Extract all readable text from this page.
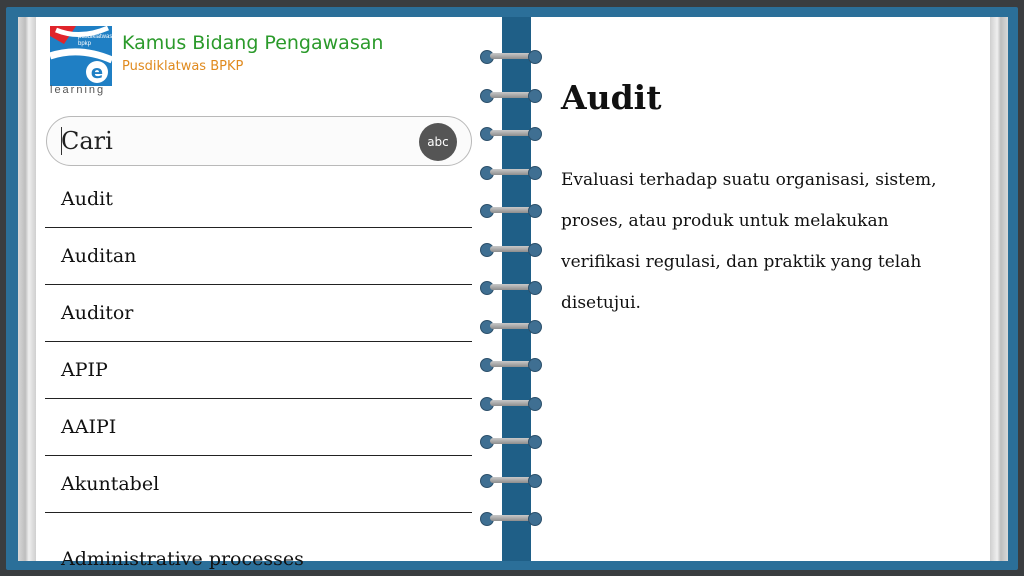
e
pusdiklatwas bpkp
learning
Kamus Bidang Pengawasan
Pusdiklatwas BPKP
Cari
abc
Audit
Auditan
Auditor
APIP
AAIPI
Akuntabel
Administrative processes
Audit
Evaluasi terhadap suatu organisasi, sistem, proses, atau produk untuk melakukan verifikasi regulasi, dan praktik yang telah disetujui.
